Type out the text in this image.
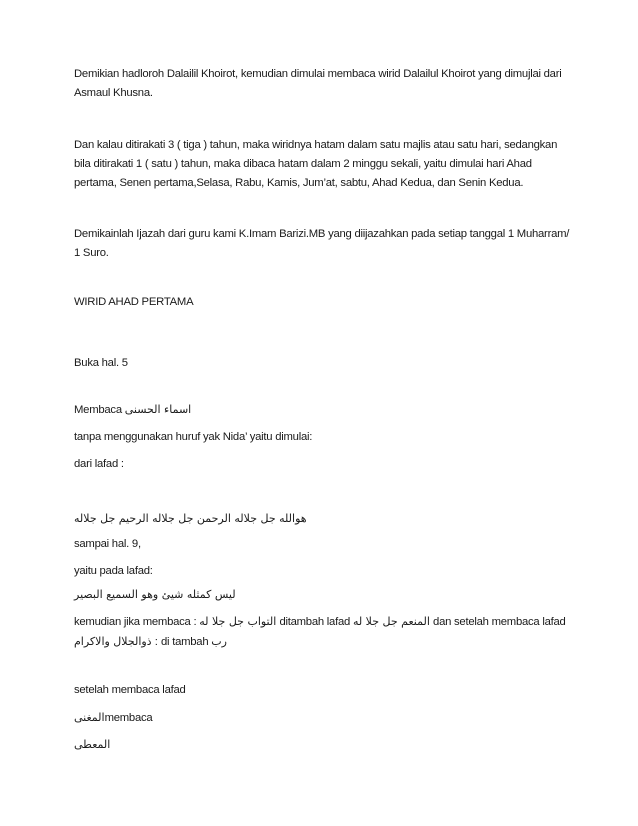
Demikian hadloroh Dalailil Khoirot, kemudian dimulai membaca wirid Dalailul Khoirot yang dimujlai dari
Asmaul Khusna.
Dan kalau ditirakati 3 ( tiga ) tahun, maka wiridnya hatam dalam satu majlis atau satu hari, sedangkan
bila ditirakati 1 ( satu ) tahun, maka dibaca hatam dalam 2 minggu sekali, yaitu dimulai hari Ahad
pertama, Senen pertama,Selasa, Rabu, Kamis, Jum’at, sabtu, Ahad Kedua, dan Senin Kedua.
Demikainlah Ijazah dari guru kami K.Imam Barizi.MB yang diijazahkan pada setiap tanggal 1 Muharram/
1 Suro.
WIRID AHAD PERTAMA
Buka hal. 5
Membaca اسماء الحسنى
tanpa menggunakan huruf yak Nida’ yaitu dimulai:
dari lafad :
هوالله جل جلاله الرحمن جل جلاله الرحيم جل جلاله
sampai hal. 9,
yaitu pada lafad:
ليس كمثله شيئ وهو السميع البصير
kemudian jika membaca : التواب جل جلا له ditambah lafad المنعم جل جلا له dan setelah membaca lafad
ذوالجلال والاكرام : di tambah رب
setelah membaca lafad
المغنىmembaca
المعطى
